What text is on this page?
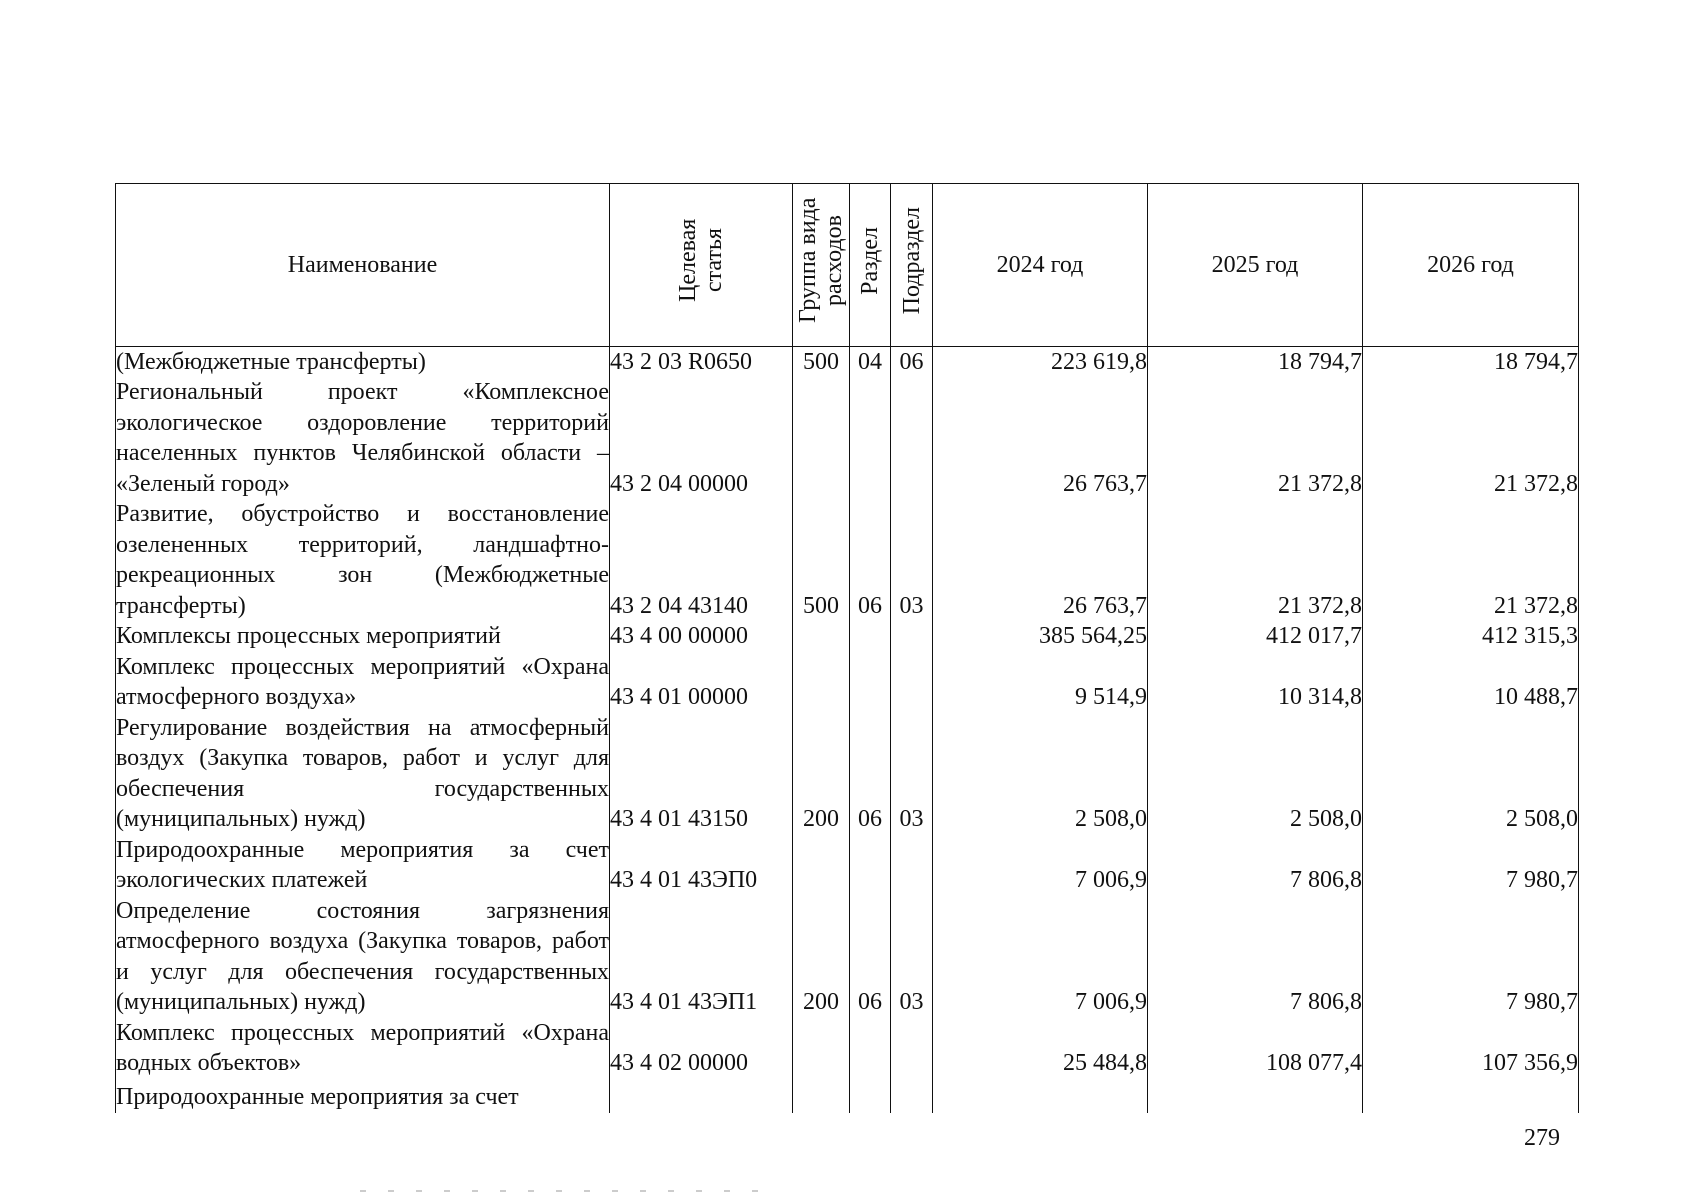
Наименование	Целевая статья	Группа вида расходов	Раздел	Подраздел	2024 год	2025 год	2026 год
(Межбюджетные трансферты)	43 2 03 R0650	500	04	06	223 619,8	18 794,7	18 794,7
Региональный проект «Комплексное экологическое оздоровление территорий населенных пунктов Челябинской области – «Зеленый город»	43 2 04 00000				26 763,7	21 372,8	21 372,8
Развитие, обустройство и восстановление озелененных территорий, ландшафтно-рекреационных зон (Межбюджетные трансферты)	43 2 04 43140	500	06	03	26 763,7	21 372,8	21 372,8
Комплексы процессных мероприятий	43 4 00 00000				385 564,25	412 017,7	412 315,3
Комплекс процессных мероприятий «Охрана атмосферного воздуха»	43 4 01 00000				9 514,9	10 314,8	10 488,7
Регулирование воздействия на атмосферный воздух (Закупка товаров, работ и услуг для обеспечения государственных (муниципальных) нужд)	43 4 01 43150	200	06	03	2 508,0	2 508,0	2 508,0
Природоохранные мероприятия за счет экологических платежей	43 4 01 43ЭП0				7 006,9	7 806,8	7 980,7
Определение состояния загрязнения атмосферного воздуха (Закупка товаров, работ и услуг для обеспечения государственных (муниципальных) нужд)	43 4 01 43ЭП1	200	06	03	7 006,9	7 806,8	7 980,7
Комплекс процессных мероприятий «Охрана водных объектов»	43 4 02 00000				25 484,8	108 077,4	107 356,9
Природоохранные мероприятия за счет							
279
